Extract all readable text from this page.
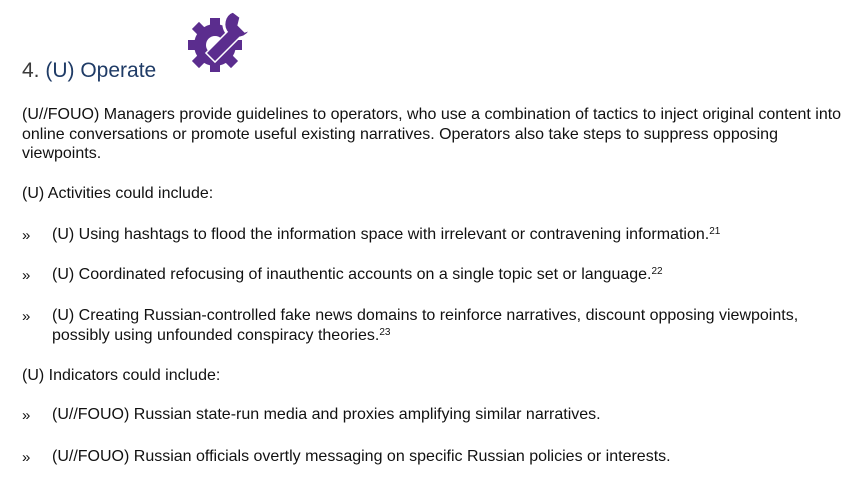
4. (U) Operate

(U//FOUO) Managers provide guidelines to operators, who use a combination of tactics to inject original content into online conversations or promote useful existing narratives. Operators also take steps to suppress opposing viewpoints.

(U) Activities could include:
» (U) Using hashtags to flood the information space with irrelevant or contravening information.$^{21}$
» (U) Coordinated refocusing of inauthentic accounts on a single topic set or language.$^{22}$
» (U) Creating Russian-controlled fake news domains to reinforce narratives, discount opposing viewpoints, possibly using unfounded conspiracy theories.$^{23}$
(U) Indicators could include:
» (U//FOUO) Russian state-run media and proxies amplifying similar narratives.
» (U//FOUO) Russian officials overtly messaging on specific Russian policies or interests.
